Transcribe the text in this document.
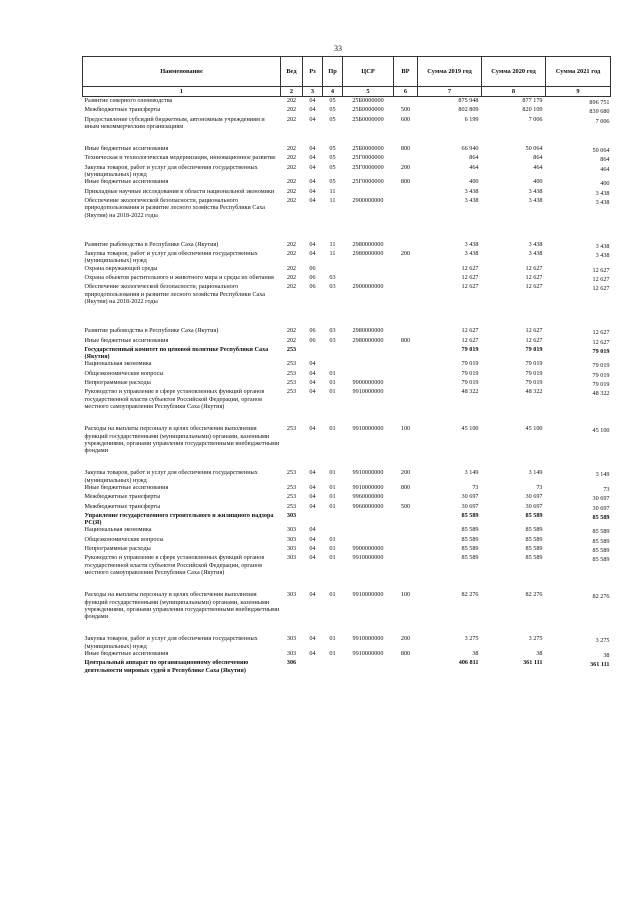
33
Наименование	Вед	Рз	Пр	ЦСР	ВР	Сумма 2019 год	Сумма 2020 год	Сумма 2021 год
1	2	3	4	5	6	7	8	9
Развитие северного оленеводства	202	04	05	25Б0000000		875 948	877 179	896 751
Межбюджетные трансферты	202	04	05	25Б0000000	500	802 809	820 109	839 680
Предоставление субсидий бюджетным, автономным учреждениям и иным некоммерческим организациям	202	04	05	25Б0000000	600	6 199	7 006	7 006

Иные бюджетные ассигнования	202	04	05	25Б0000000	800	66 940	50 064	50 064
Техническая и технологическая модернизация, инновационное развитие	202	04	05	25Г0000000		864	864	864
Закупка товаров, работ и услуг для обеспечения государственных (муниципальных) нужд	202	04	05	25Г0000000	200	464	464	464
Иные бюджетные ассигнования	202	04	05	25Г0000000	800	400	400	400
Прикладные научные исследования в области национальной экономики	202	04	11			3 438	3 438	3 438
Обеспечение экологической безопасности, рационального природопользования и развитие лесного хозяйства Республики Саха (Якутия) на 2018-2022 годы	202	04	11	2900000000		3 438	3 438	3 438

Развитие рыбоводства в Республике Саха (Якутия)	202	04	11	2980000000		3 438	3 438	3 438
Закупка товаров, работ и услуг для обеспечения государственных (муниципальных) нужд	202	04	11	2980000000	200	3 438	3 438	3 438
Охрана окружающей среды	202	06				12 627	12 627	12 627
Охрана объектов растительного и животного мира и среды их обитания	202	06	03			12 627	12 627	12 627
Обеспечение экологической безопасности, рационального природопользования и развитие лесного хозяйства Республики Саха (Якутия) на 2018-2022 годы	202	06	03	2900000000		12 627	12 627	12 627

Развитие рыбоводства в Республике Саха (Якутия)	202	06	03	2980000000		12 627	12 627	12 627
Иные бюджетные ассигнования	202	06	03	2980000000	800	12 627	12 627	12 627
Государственный комитет по ценовой политике Республики Саха (Якутия)	253					79 019	79 019	79 019
Национальная экономика	253	04				79 019	79 019	79 019
Общеэкономические вопросы	253	04	01			79 019	79 019	79 019
Непрограммные расходы	253	04	01	9900000000		79 019	79 019	79 019
Руководство и управление в сфере установленных функций органов государственной власти субъектов Российской Федерации, органов местного самоуправления Республики Саха (Якутия)	253	04	01	9910000000		48 322	48 322	48 322

Расходы на выплаты персоналу в целях обеспечения выполнения функций государственными (муниципальными) органами, казенными учреждениями, органами управления государственными внебюджетными фондами	253	04	01	9910000000	100	45 100	45 100	45 100

Закупка товаров, работ и услуг для обеспечения государственных (муниципальных) нужд	253	04	01	9910000000	200	3 149	3 149	3 149
Иные бюджетные ассигнования	253	04	01	9910000000	800	73	73	73
Межбюджетные трансферты	253	04	01	9960000000		30 697	30 697	30 697
Межбюджетные трансферты	253	04	01	9960000000	500	30 697	30 697	30 697
Управление государственного строительного и жилищного надзора РС(Я)	303					85 589	85 589	85 589
Национальная экономика	303	04				85 589	85 589	85 589
Общеэкономические вопросы	303	04	01			85 589	85 589	85 589
Непрограммные расходы	303	04	01	9900000000		85 589	85 589	85 589
Руководство и управление в сфере установленных функций органов государственной власти субъектов Российской Федерации, органов местного самоуправления Республики Саха (Якутия)	303	04	01	9910000000		85 589	85 589	85 589

Расходы на выплаты персоналу в целях обеспечения выполнения функций государственными (муниципальными) органами, казенными учреждениями, органами управления государственными внебюджетными фондами	303	04	01	9910000000	100	82 276	82 276	82 276

Закупка товаров, работ и услуг для обеспечения государственных (муниципальных) нужд	303	04	01	9910000000	200	3 275	3 275	3 275
Иные бюджетные ассигнования	303	04	01	9910000000	800	38	38	38
Центральный аппарат по организационному обеспечению деятельности мировых судей в Республике Саха (Якутия)	306					406 811	361 111	361 111
